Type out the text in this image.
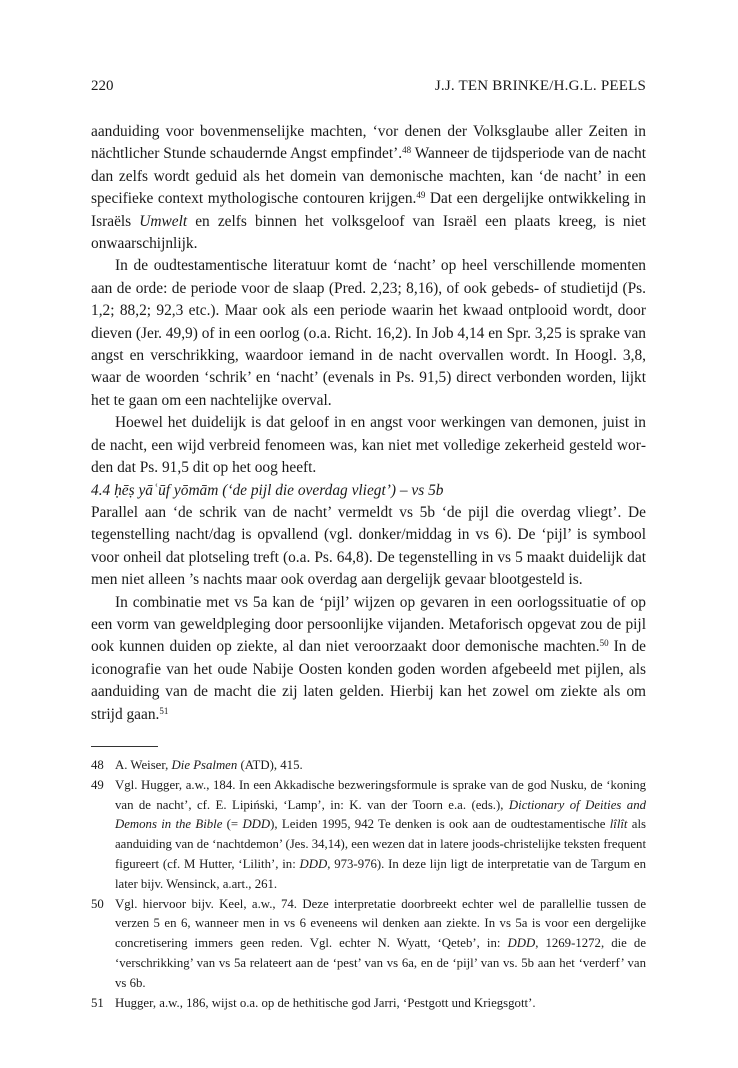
220	J.J. TEN BRINKE/H.G.L. PEELS

aanduiding voor bovenmenselijke machten, ‘vor denen der Volksglaube aller Zeiten in nächtlicher Stunde schaudernde Angst empfindet’.$^{48}$ Wanneer de tijdsperiode van de nacht dan zelfs wordt geduid als het domein van demonische machten, kan ‘de nacht’ in een specifieke context mythologische contouren krijgen.$^{49}$ Dat een dergelijke ontwikkeling in Israëls Umwelt en zelfs binnen het volksgeloof van Israël een plaats kreeg, is niet onwaarschijnlijk.

In de oudtestamentische literatuur komt de ‘nacht’ op heel verschillende momenten aan de orde: de periode voor de slaap (Pred. 2,23; 8,16), of ook gebeds- of studietijd (Ps. 1,2; 88,2; 92,3 etc.). Maar ook als een periode waarin het kwaad ontplooid wordt, door dieven (Jer. 49,9) of in een oorlog (o.a. Richt. 16,2). In Job 4,14 en Spr. 3,25 is sprake van angst en verschrikking, waardoor iemand in de nacht overvallen wordt. In Hoogl. 3,8, waar de woorden ‘schrik’ en ‘nacht’ (evenals in Ps. 91,5) direct verbonden worden, lijkt het te gaan om een nachtelijke overval.

Hoewel het duidelijk is dat geloof in en angst voor werkingen van demonen, juist in de nacht, een wijd verbreid fenomeen was, kan niet met volledige zekerheid gesteld worden dat Ps. 91,5 dit op het oog heeft.

4.4 ḥēṣ yāʿūf yōmām (‘de pijl die overdag vliegt’) – vs 5b

Parallel aan ‘de schrik van de nacht’ vermeldt vs 5b ‘de pijl die overdag vliegt’. De tegenstelling nacht/dag is opvallend (vgl. donker/middag in vs 6). De ‘pijl’ is symbool voor onheil dat plotseling treft (o.a. Ps. 64,8). De tegenstelling in vs 5 maakt duidelijk dat men niet alleen ’s nachts maar ook overdag aan dergelijk gevaar blootgesteld is.

In combinatie met vs 5a kan de ‘pijl’ wijzen op gevaren in een oorlogssituatie of op een vorm van geweldpleging door persoonlijke vijanden. Metaforisch opgevat zou de pijl ook kunnen duiden op ziekte, al dan niet veroorzaakt door demonische machten.$^{50}$ In de iconografie van het oude Nabije Oosten konden goden worden afgebeeld met pijlen, als aanduiding van de macht die zij laten gelden. Hierbij kan het zowel om ziekte als om strijd gaan.$^{51}$

48 A. Weiser, Die Psalmen (ATD), 415.

49 Vgl. Hugger, a.w., 184. In een Akkadische bezweringsformule is sprake van de god Nusku, de ‘koning van de nacht’, cf. E. Lipiński, ‘Lamp’, in: K. van der Toorn e.a. (eds.), Dictionary of Deities and Demons in the Bible (= DDD), Leiden 1995, 942 Te denken is ook aan de oudtestamentische lîlît als aanduiding van de ‘nachtdemon’ (Jes. 34,14), een wezen dat in latere joods-christelijke teksten frequent figureert (cf. M Hutter, ‘Lilith’, in: DDD, 973-976). In deze lijn ligt de interpretatie van de Targum en later bijv. Wensinck, a.art., 261.

50 Vgl. hiervoor bijv. Keel, a.w., 74. Deze interpretatie doorbreekt echter wel de parallellie tussen de verzen 5 en 6, wanneer men in vs 6 eveneens wil denken aan ziekte. In vs 5a is voor een dergelijke concretisering immers geen reden. Vgl. echter N. Wyatt, ‘Qeteb’, in: DDD, 1269-1272, die de ‘verschrikking’ van vs 5a relateert aan de ‘pest’ van vs 6a, en de ‘pijl’ van vs. 5b aan het ‘verderf’ van vs 6b.

51 Hugger, a.w., 186, wijst o.a. op de hethitische god Jarri, ‘Pestgott und Kriegsgott’.
